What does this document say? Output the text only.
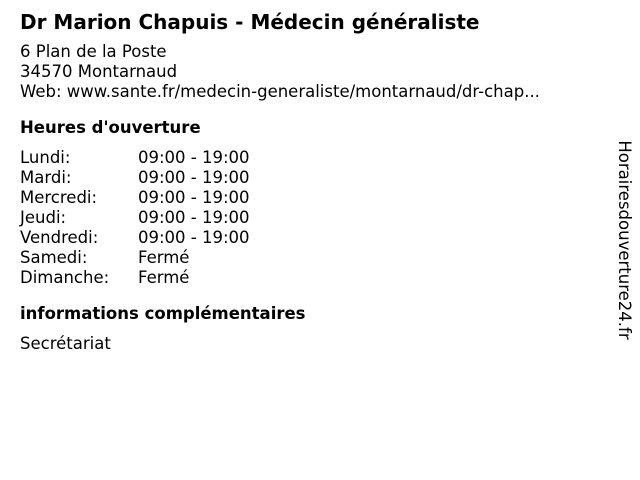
Dr Marion Chapuis - Médecin généraliste
6 Plan de la Poste
34570 Montarnaud
Web: www.sante.fr/medecin-generaliste/montarnaud/dr-chap...
Heures d'ouverture
Lundi:	09:00 - 19:00
Mardi:	09:00 - 19:00
Mercredi:	09:00 - 19:00
Jeudi:	09:00 - 19:00
Vendredi:	09:00 - 19:00
Samedi:	Fermé
Dimanche:	Fermé
informations complémentaires
Secrétariat
Horairesdouverture24.fr
